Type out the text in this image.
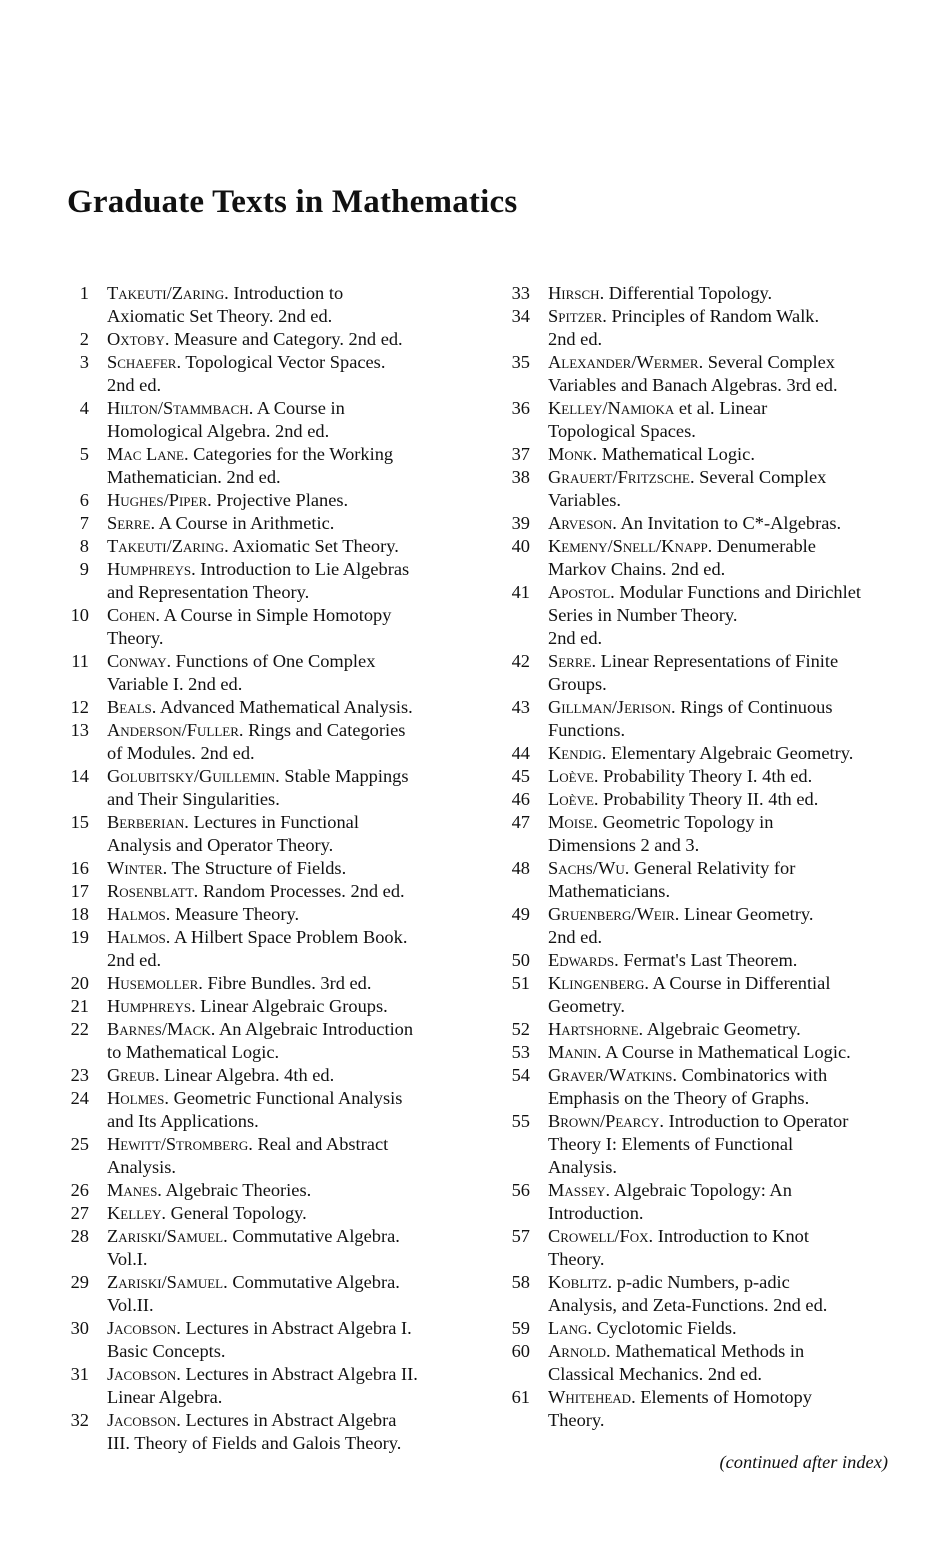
Graduate Texts in Mathematics
1 Takeuti/Zaring. Introduction to
Axiomatic Set Theory. 2nd ed.
2 Oxtoby. Measure and Category. 2nd ed.
3 Schaefer. Topological Vector Spaces.
2nd ed.
4 Hilton/Stammbach. A Course in
Homological Algebra. 2nd ed.
5 Mac Lane. Categories for the Working
Mathematician. 2nd ed.
6 Hughes/Piper. Projective Planes.
7 Serre. A Course in Arithmetic.
8 Takeuti/Zaring. Axiomatic Set Theory.
9 Humphreys. Introduction to Lie Algebras
and Representation Theory.
10 Cohen. A Course in Simple Homotopy
Theory.
11 Conway. Functions of One Complex
Variable I. 2nd ed.
12 Beals. Advanced Mathematical Analysis.
13 Anderson/Fuller. Rings and Categories
of Modules. 2nd ed.
14 Golubitsky/Guillemin. Stable Mappings
and Their Singularities.
15 Berberian. Lectures in Functional
Analysis and Operator Theory.
16 Winter. The Structure of Fields.
17 Rosenblatt. Random Processes. 2nd ed.
18 Halmos. Measure Theory.
19 Halmos. A Hilbert Space Problem Book.
2nd ed.
20 Husemoller. Fibre Bundles. 3rd ed.
21 Humphreys. Linear Algebraic Groups.
22 Barnes/Mack. An Algebraic Introduction
to Mathematical Logic.
23 Greub. Linear Algebra. 4th ed.
24 Holmes. Geometric Functional Analysis
and Its Applications.
25 Hewitt/Stromberg. Real and Abstract
Analysis.
26 Manes. Algebraic Theories.
27 Kelley. General Topology.
28 Zariski/Samuel. Commutative Algebra.
Vol.I.
29 Zariski/Samuel. Commutative Algebra.
Vol.II.
30 Jacobson. Lectures in Abstract Algebra I.
Basic Concepts.
31 Jacobson. Lectures in Abstract Algebra II.
Linear Algebra.
32 Jacobson. Lectures in Abstract Algebra
III. Theory of Fields and Galois Theory.
33 Hirsch. Differential Topology.
34 Spitzer. Principles of Random Walk.
2nd ed.
35 Alexander/Wermer. Several Complex
Variables and Banach Algebras. 3rd ed.
36 Kelley/Namioka et al. Linear
Topological Spaces.
37 Monk. Mathematical Logic.
38 Grauert/Fritzsche. Several Complex
Variables.
39 Arveson. An Invitation to C*-Algebras.
40 Kemeny/Snell/Knapp. Denumerable
Markov Chains. 2nd ed.
41 Apostol. Modular Functions and Dirichlet
Series in Number Theory.
2nd ed.
42 Serre. Linear Representations of Finite
Groups.
43 Gillman/Jerison. Rings of Continuous
Functions.
44 Kendig. Elementary Algebraic Geometry.
45 Loève. Probability Theory I. 4th ed.
46 Loève. Probability Theory II. 4th ed.
47 Moise. Geometric Topology in
Dimensions 2 and 3.
48 Sachs/Wu. General Relativity for
Mathematicians.
49 Gruenberg/Weir. Linear Geometry.
2nd ed.
50 Edwards. Fermat's Last Theorem.
51 Klingenberg. A Course in Differential
Geometry.
52 Hartshorne. Algebraic Geometry.
53 Manin. A Course in Mathematical Logic.
54 Graver/Watkins. Combinatorics with
Emphasis on the Theory of Graphs.
55 Brown/Pearcy. Introduction to Operator
Theory I: Elements of Functional
Analysis.
56 Massey. Algebraic Topology: An
Introduction.
57 Crowell/Fox. Introduction to Knot
Theory.
58 Koblitz. p-adic Numbers, p-adic
Analysis, and Zeta-Functions. 2nd ed.
59 Lang. Cyclotomic Fields.
60 Arnold. Mathematical Methods in
Classical Mechanics. 2nd ed.
61 Whitehead. Elements of Homotopy
Theory.
(continued after index)
